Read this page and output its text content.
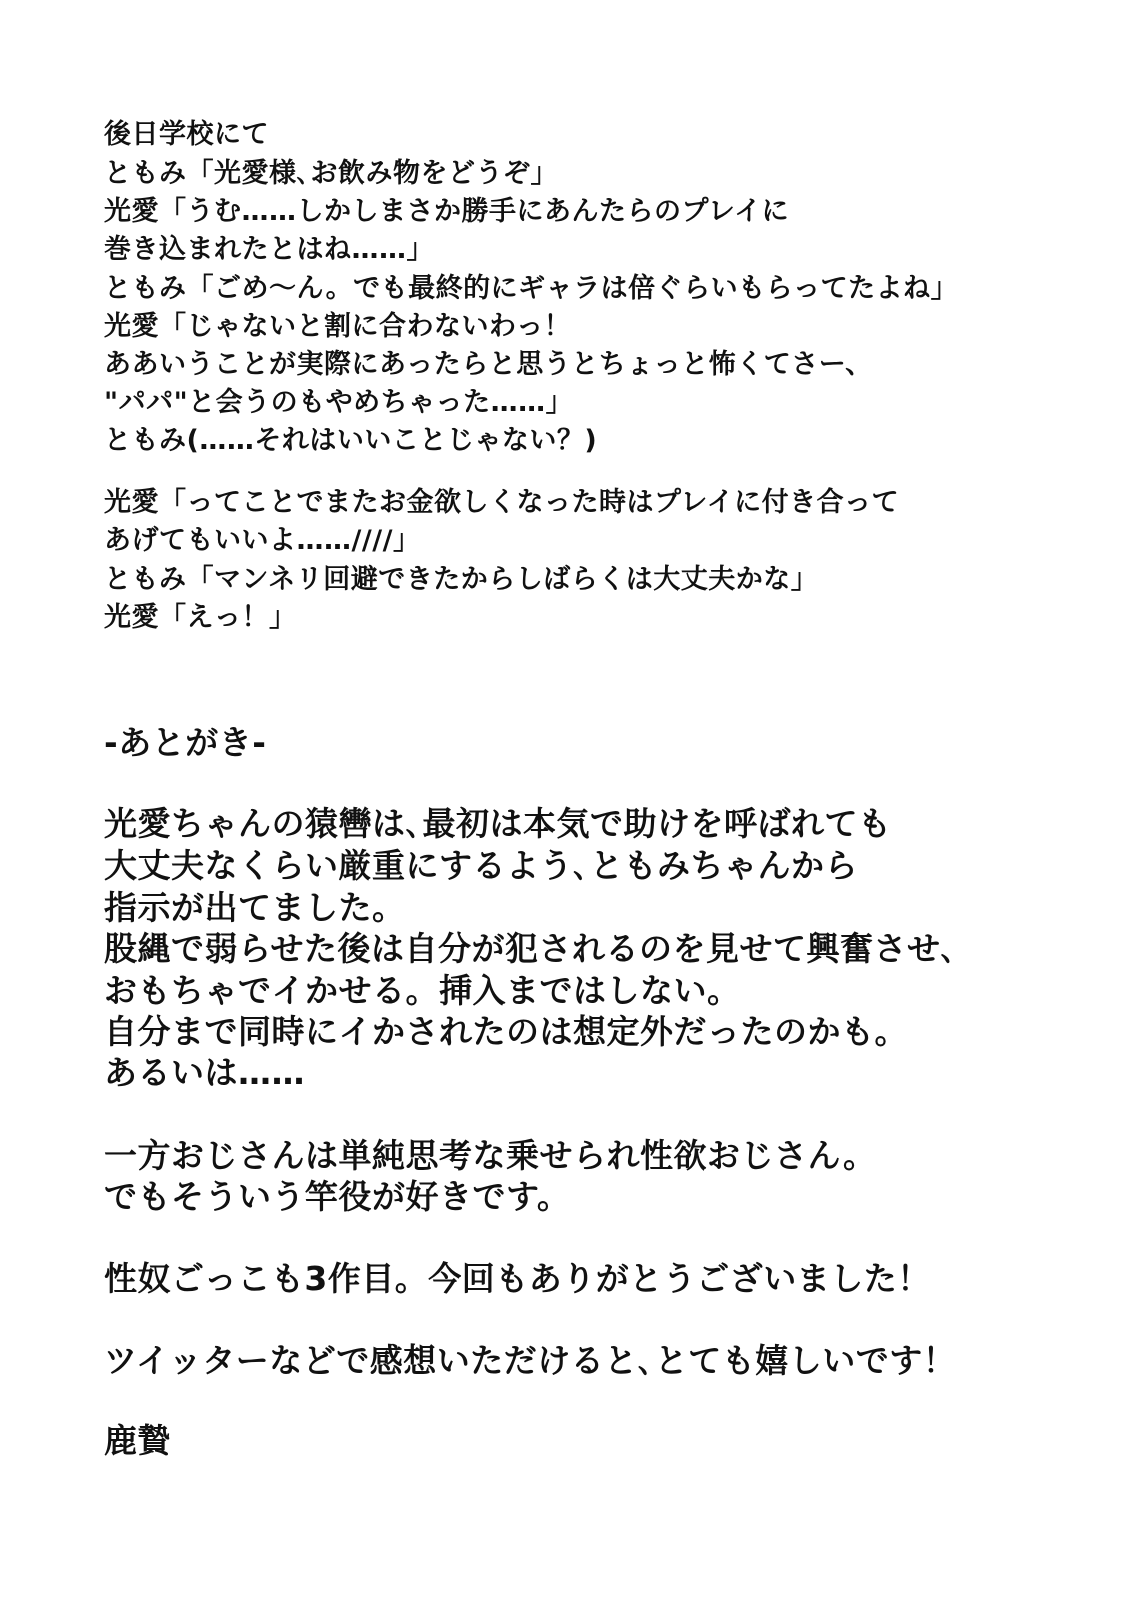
後日学校にて
ともみ「光愛様､お飲み物をどうぞ」
光愛「うむ……しかしまさか勝手にあんたらのプレイに
巻き込まれたとはね……」
ともみ「ごめ〜ん。でも最終的にギャラは倍ぐらいもらってたよね」
光愛「じゃないと割に合わないわっ！
ああいうことが実際にあったらと思うとちょっと怖くてさー、
"パパ"と会うのもやめちゃった……」
ともみ(……それはいいことじゃない？)
光愛「ってことでまたお金欲しくなった時はプレイに付き合って
あげてもいいよ……////」
ともみ「マンネリ回避できたからしばらくは大丈夫かな」
光愛「えっ！」
-あとがき-
光愛ちゃんの猿轡は､最初は本気で助けを呼ばれても
大丈夫なくらい厳重にするよう､ともみちゃんから
指示が出てました。
股縄で弱らせた後は自分が犯されるのを見せて興奮させ､
おもちゃでイかせる。挿入まではしない。
自分まで同時にイかされたのは想定外だったのかも。
あるいは……
一方おじさんは単純思考な乗せられ性欲おじさん。
でもそういう竿役が好きです。
性奴ごっこも3作目。今回もありがとうございました！
ツイッターなどで感想いただけると､とても嬉しいです！
鹿贄
